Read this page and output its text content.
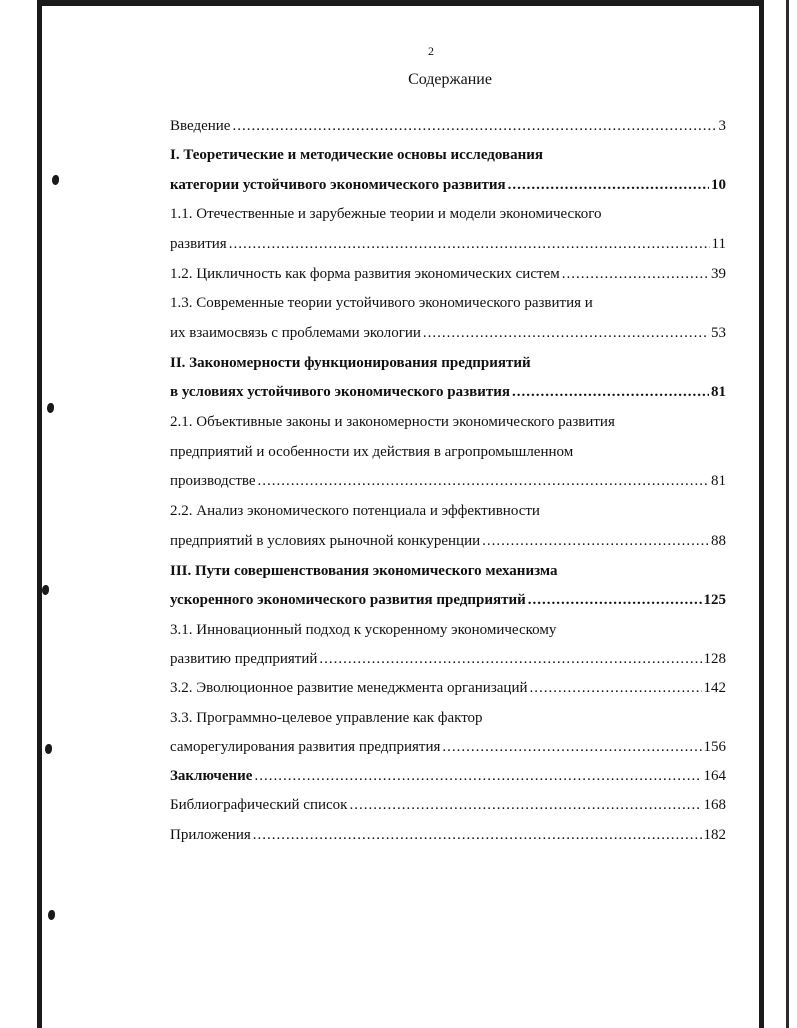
2
Содержание
Введение .....	3
I. Теоретические и методические основы исследования
категории устойчивого экономического развития .....	10
1.1. Отечественные и зарубежные теории и модели экономического
развития .....	11
1.2. Цикличность как форма развития экономических систем .....	39
1.3. Современные теории устойчивого экономического развития и
их взаимосвязь с проблемами экологии .....	53
II. Закономерности функционирования предприятий
в условиях устойчивого экономического развития .....	81
2.1. Объективные законы и закономерности экономического развития
предприятий и особенности их действия в агропромышленном
производстве .....	81
2.2. Анализ экономического потенциала и эффективности
предприятий в условиях рыночной конкуренции .....	88
III. Пути совершенствования экономического механизма
ускоренного экономического развития предприятий .....	125
3.1. Инновационный подход к ускоренному экономическому
развитию предприятий .....	128
3.2. Эволюционное развитие менеджмента организаций .....	142
3.3. Программно-целевое управление как фактор
саморегулирования развития предприятия .....	156
Заключение .....	164
Библиографический список .....	168
Приложения .....	182
